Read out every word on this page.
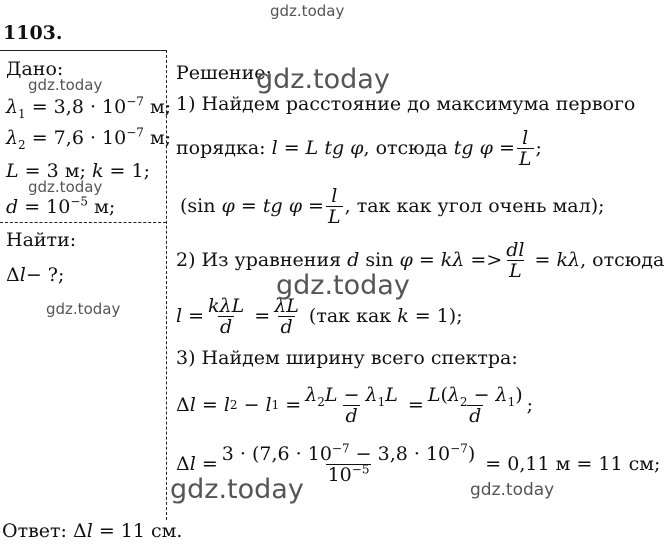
1103.
Дано:
$\lambda_1 = 3,8 \cdot 10^{-7}$ м;
$\lambda_2 = 7,6 \cdot 10^{-7}$ м;
L = 3 м; k = 1;
$d = 10^{-5}$ м;
Найти:
Δl− ?;
Решение:
1) Найдем расстояние до максимума первого
порядка: l = L tg φ , отсюда tg $\varphi = \frac{l}{L}$ ;
( sin
φ = tg $\varphi = \frac{l}{L}$ , так как угол очень мал);
2) Из уравнения d
sin
$\varphi = k\lambda => \frac{dl}{L} = k\lambda$ , отсюда
$l = \frac{\text{kλL}}{d} = \frac{\lambda L}{d} (так$ как k = 1);
3) Найдем ширину всего спектра:
Δ l = l 2 − l $1 = \frac{\lambda_2L - \lambda_1L}{d} = \frac{L(\lambda_2 - \lambda_1)}{d}$ ;
Δ $l = \frac{3 \cdot (7,6 \cdot 10^{-7} - 3,8 \cdot 10^{-7})}{10^{-5}} = 0,11$ м = 11 см;
Ответ: Δl = 11 см.
gdz.today
gdz.today
gdz.today
gdz.today
gdz.today
gdz.today
gdz.today	gdz.today
